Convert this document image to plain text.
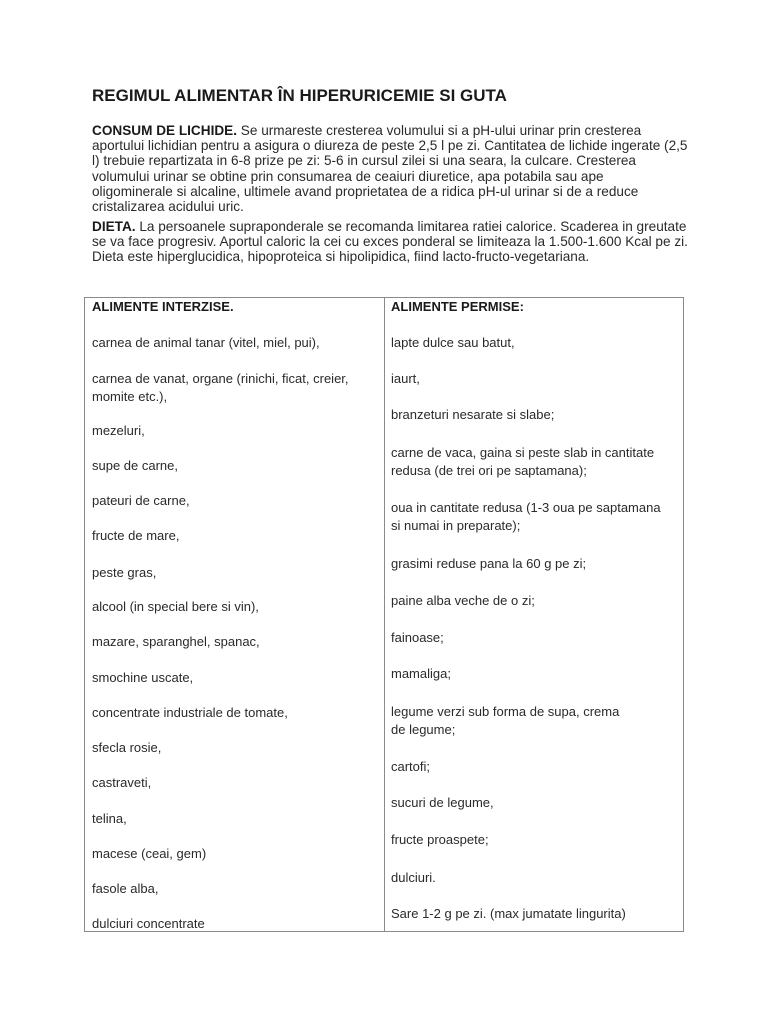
REGIMUL ALIMENTAR ÎN HIPERURICEMIE SI GUTA
CONSUM DE LICHIDE. Se urmareste cresterea volumului si a pH-ului urinar prin cresterea aportului lichidian pentru a asigura o diureza de peste 2,5 l pe zi. Cantitatea de lichide ingerate (2,5 l) trebuie repartizata in 6-8 prize pe zi: 5-6 in cursul zilei si una seara, la culcare. Cresterea volumului urinar se obtine prin consumarea de ceaiuri diuretice, apa potabila sau ape oligominerale si alcaline, ultimele avand proprietatea de a ridica pH-ul urinar si de a reduce cristalizarea acidului uric.
DIETA. La persoanele supraponderale se recomanda limitarea ratiei calorice. Scaderea in greutate se va face progresiv. Aportul caloric la cei cu exces ponderal se limiteaza la 1.500-1.600 Kcal pe zi. Dieta este hiperglucidica, hipoproteica si hipolipidica, fiind lacto-fructo-vegetariana.
ALIMENTE INTERZISE.	ALIMENTE PERMISE:
carnea de animal tanar (vitel, miel, pui),
carnea de vanat, organe (rinichi, ficat, creier, momite etc.),
mezeluri,
supe de carne,
pateuri de carne,
fructe de mare,
peste gras,
alcool (in special bere si vin),
mazare, sparanghel, spanac,
smochine uscate,
concentrate industriale de tomate,
sfecla rosie,
castraveti,
telina,
macese (ceai, gem)
fasole alba,
dulciuri concentrate
lapte dulce sau batut,
iaurt,
branzeturi nesarate si slabe;
carne de vaca, gaina si peste slab in cantitate redusa (de trei ori pe saptamana);
oua in cantitate redusa (1-3 oua pe saptamana si numai in preparate);
grasimi reduse pana la 60 g pe zi;
paine alba veche de o zi;
fainoase;
mamaliga;
legume verzi sub forma de supa, crema de legume;
cartofi;
sucuri de legume,
fructe proaspete;
dulciuri.
Sare 1-2 g pe zi. (max jumatate lingurita)
